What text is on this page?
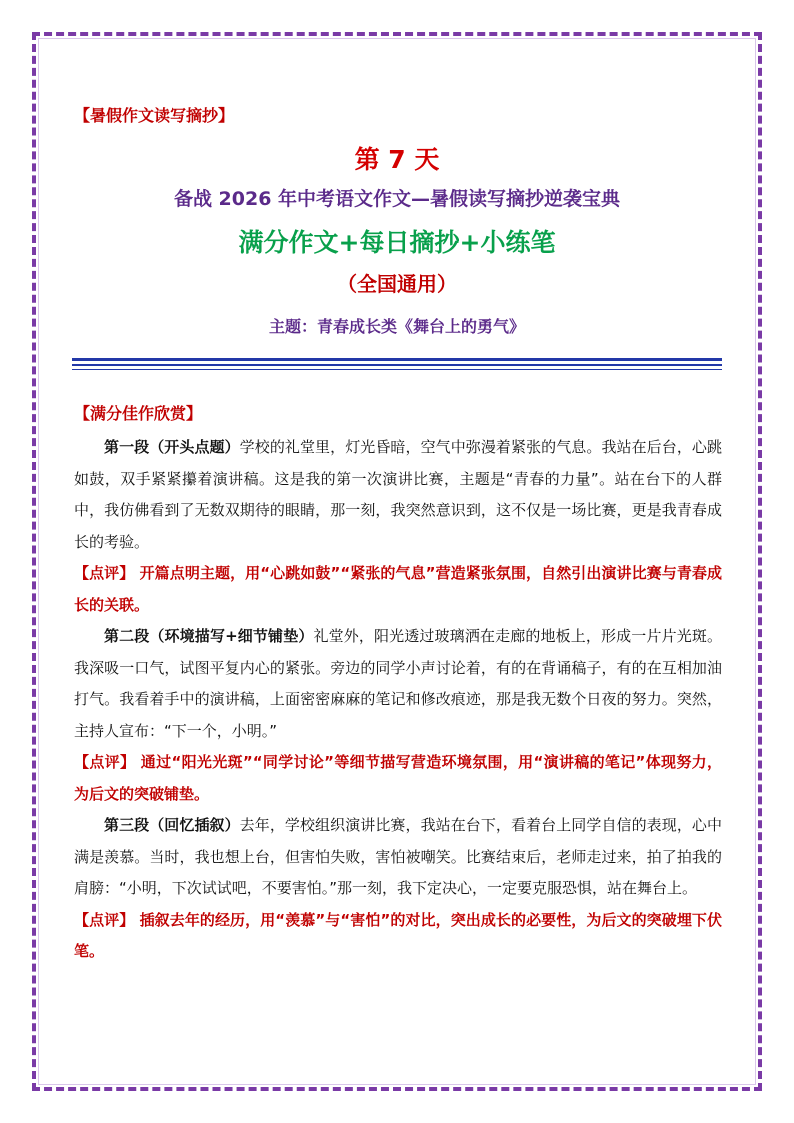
【暑假作文读写摘抄】
第 7 天
备战 2026 年中考语文作文—暑假读写摘抄逆袭宝典
满分作文+每日摘抄+小练笔
（全国通用）
主题：青春成长类《舞台上的勇气》
【满分佳作欣赏】

第一段（开头点题）学校的礼堂里，灯光昏暗，空气中弥漫着紧张的气息。我站在后台，心跳如鼓，双手紧紧攥着演讲稿。这是我的第一次演讲比赛，主题是“青春的力量”。站在台下的人群中，我仿佛看到了无数双期待的眼睛，那一刻，我突然意识到，这不仅是一场比赛，更是我青春成长的考验。

【点评】 开篇点明主题，用“心跳如鼓”“紧张的气息”营造紧张氛围，自然引出演讲比赛与青春成长的关联。

第二段（环境描写+细节铺垫）礼堂外，阳光透过玻璃洒在走廊的地板上，形成一片片光斑。我深吸一口气，试图平复内心的紧张。旁边的同学小声讨论着，有的在背诵稿子，有的在互相加油打气。我看着手中的演讲稿，上面密密麻麻的笔记和修改痕迹，那是我无数个日夜的努力。突然，主持人宣布：“下一个，小明。”

【点评】 通过“阳光光斑”“同学讨论”等细节描写营造环境氛围，用“演讲稿的笔记”体现努力，为后文的突破铺垫。

第三段（回忆插叙）去年，学校组织演讲比赛，我站在台下，看着台上同学自信的表现，心中满是羡慕。当时，我也想上台，但害怕失败，害怕被嘲笑。比赛结束后，老师走过来，拍了拍我的肩膀：“小明，下次试试吧，不要害怕。”那一刻，我下定决心，一定要克服恐惧，站在舞台上。

【点评】 插叙去年的经历，用“羡慕”与“害怕”的对比，突出成长的必要性，为后文的突破埋下伏笔。
